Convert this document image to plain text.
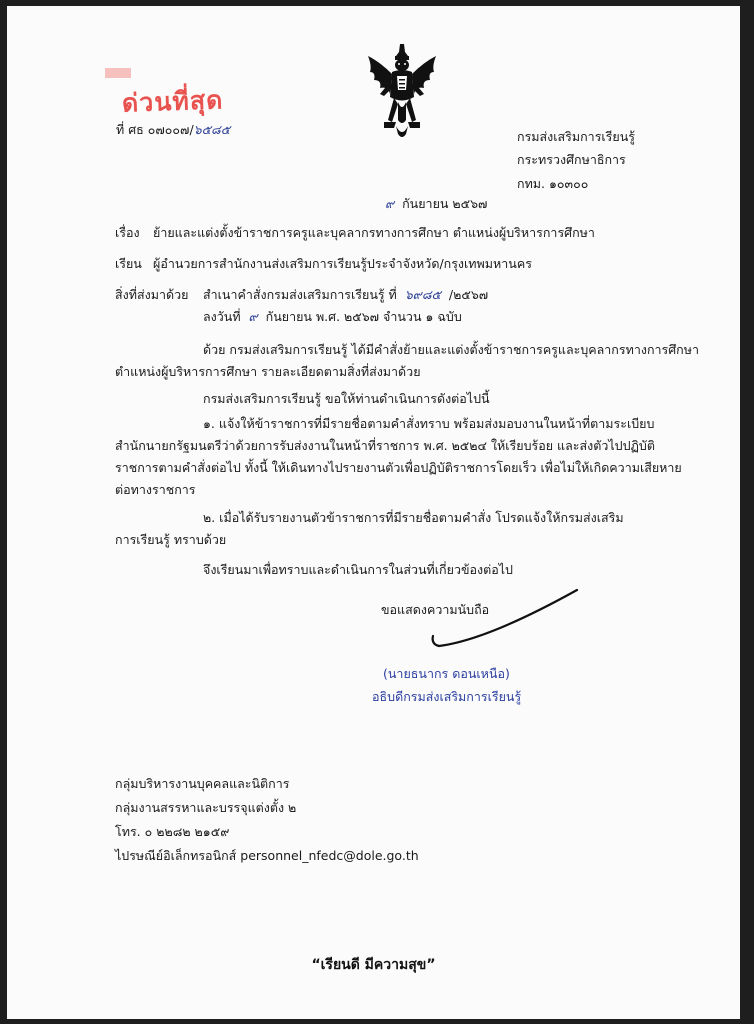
ด่วนที่สุด
ที่ ศธ ๐๗๐๐๗/๖๕๘๕	กรมส่งเสริมการเรียนรู้
กระทรวงศึกษาธิการ
กทม. ๑๐๓๐๐
๙ กันยายน ๒๕๖๗
เรื่อง ย้ายและแต่งตั้งข้าราชการครูและบุคลากรทางการศึกษา ตำแหน่งผู้บริหารการศึกษา
เรียน ผู้อำนวยการสำนักงานส่งเสริมการเรียนรู้ประจำจังหวัด/กรุงเทพมหานคร
สิ่งที่ส่งมาด้วย สำเนาคำสั่งกรมส่งเสริมการเรียนรู้ ที่ ๖๙๘๕ /๒๕๖๗
ลงวันที่ ๙ กันยายน พ.ศ. ๒๕๖๗ จำนวน ๑ ฉบับ
ด้วย กรมส่งเสริมการเรียนรู้ ได้มีคำสั่งย้ายและแต่งตั้งข้าราชการครูและบุคลากรทางการศึกษา
ตำแหน่งผู้บริหารการศึกษา รายละเอียดตามสิ่งที่ส่งมาด้วย
กรมส่งเสริมการเรียนรู้ ขอให้ท่านดำเนินการดังต่อไปนี้
๑. แจ้งให้ข้าราชการที่มีรายชื่อตามคำสั่งทราบ พร้อมส่งมอบงานในหน้าที่ตามระเบียบ
สำนักนายกรัฐมนตรีว่าด้วยการรับส่งงานในหน้าที่ราชการ พ.ศ. ๒๕๒๔ ให้เรียบร้อย และส่งตัวไปปฏิบัติ
ราชการตามคำสั่งต่อไป ทั้งนี้ ให้เดินทางไปรายงานตัวเพื่อปฏิบัติราชการโดยเร็ว เพื่อไม่ให้เกิดความเสียหาย
ต่อทางราชการ
๒. เมื่อได้รับรายงานตัวข้าราชการที่มีรายชื่อตามคำสั่ง โปรดแจ้งให้กรมส่งเสริม
การเรียนรู้ ทราบด้วย
จึงเรียนมาเพื่อทราบและดำเนินการในส่วนที่เกี่ยวข้องต่อไป
ขอแสดงความนับถือ
(นายธนากร ดอนเหนือ)
อธิบดีกรมส่งเสริมการเรียนรู้
กลุ่มบริหารงานบุคคลและนิติการ
กลุ่มงานสรรหาและบรรจุแต่งตั้ง ๒
โทร. ๐ ๒๒๘๒ ๒๑๕๙
ไปรษณีย์อิเล็กทรอนิกส์ personnel_nfedc@dole.go.th
“เรียนดี มีความสุข”
